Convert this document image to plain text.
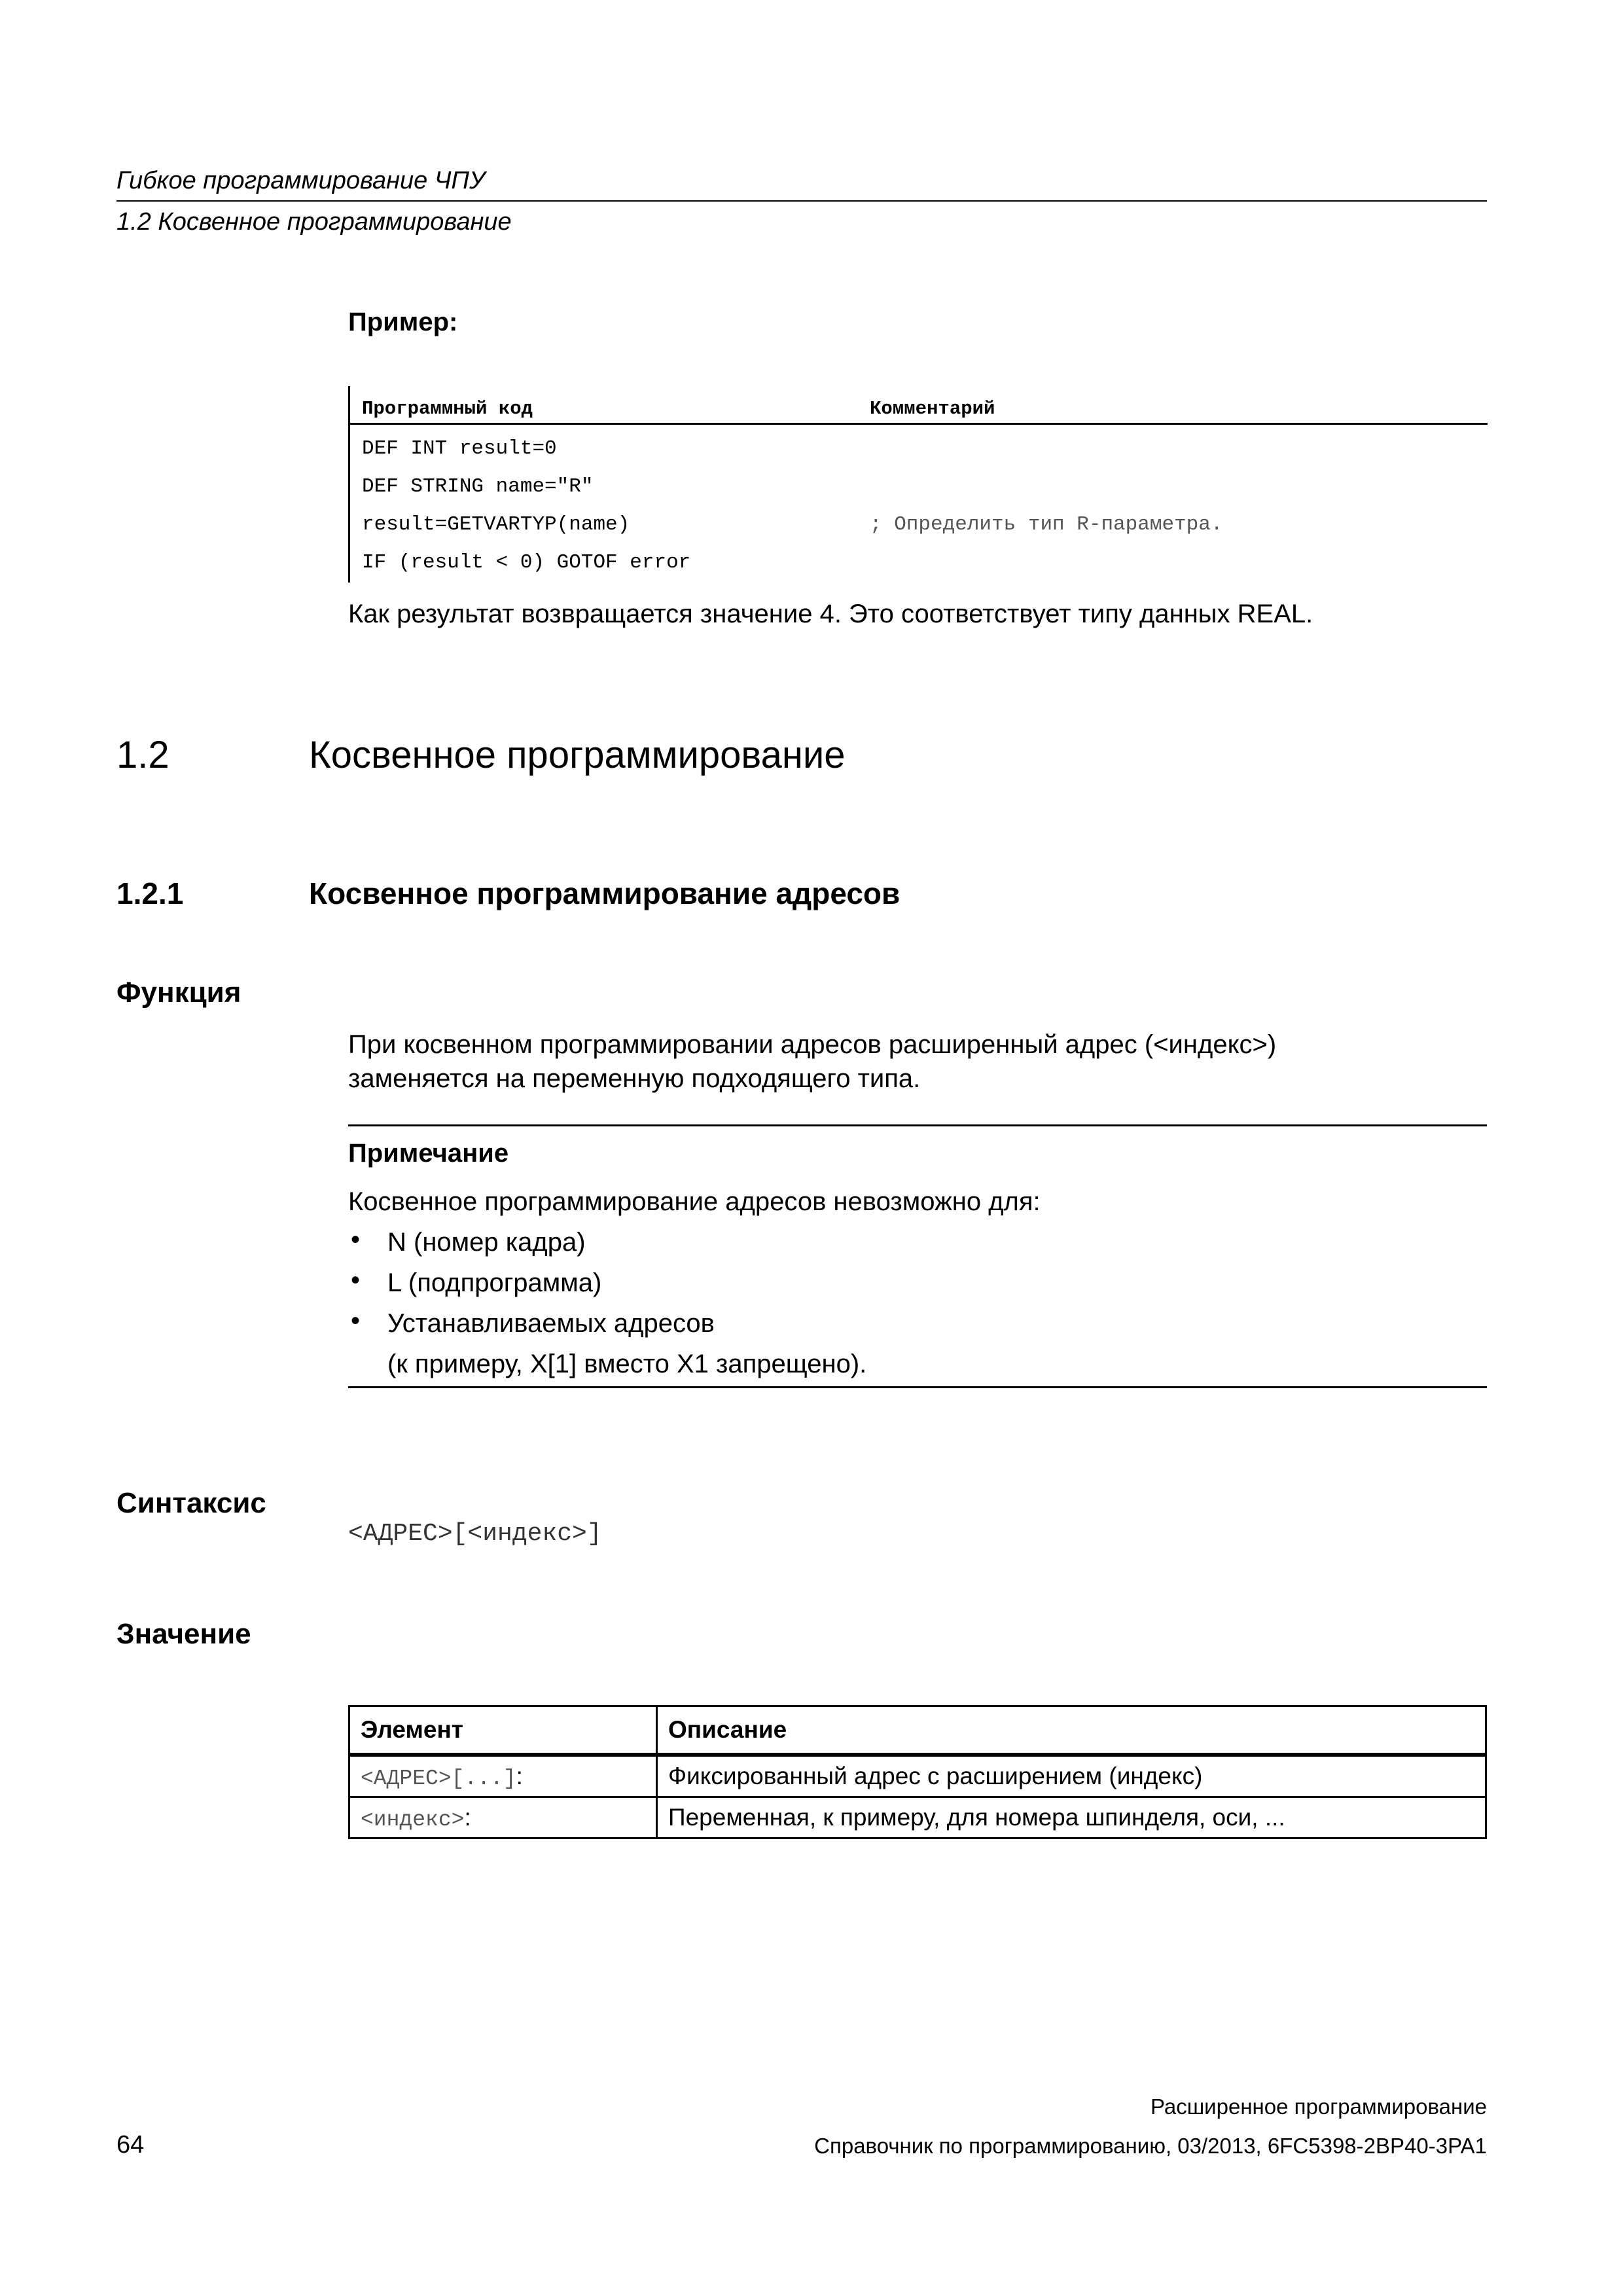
Гибкое программирование ЧПУ
1.2 Косвенное программирование
Пример:
Программный код	Комментарий
DEF INT result=0
DEF STRING name="R"
result=GETVARTYP(name)	; Определить тип R-параметра.
IF (result < 0) GOTOF error
Как результат возвращается значение 4. Это соответствует типу данных REAL.
1.2	Косвенное программирование
1.2.1	Косвенное программирование адресов
Функция
При косвенном программировании адресов расширенный адрес (<индекс>)
заменяется на переменную подходящего типа.
Примечание
Косвенное программирование адресов невозможно для:
• N (номер кадра)
• L (подпрограмма)
• Устанавливаемых адресов
(к примеру, X[1] вместо X1 запрещено).
Синтаксис
<АДРЕС>[<индекс>]
Значение
Элемент	Описание
<АДРЕС>[...]:	Фиксированный адрес с расширением (индекс)
<индекс>:	Переменная, к примеру, для номера шпинделя, оси, ...
Расширенное программирование
64	Справочник по программированию, 03/2013, 6FC5398-2BP40-3PA1
